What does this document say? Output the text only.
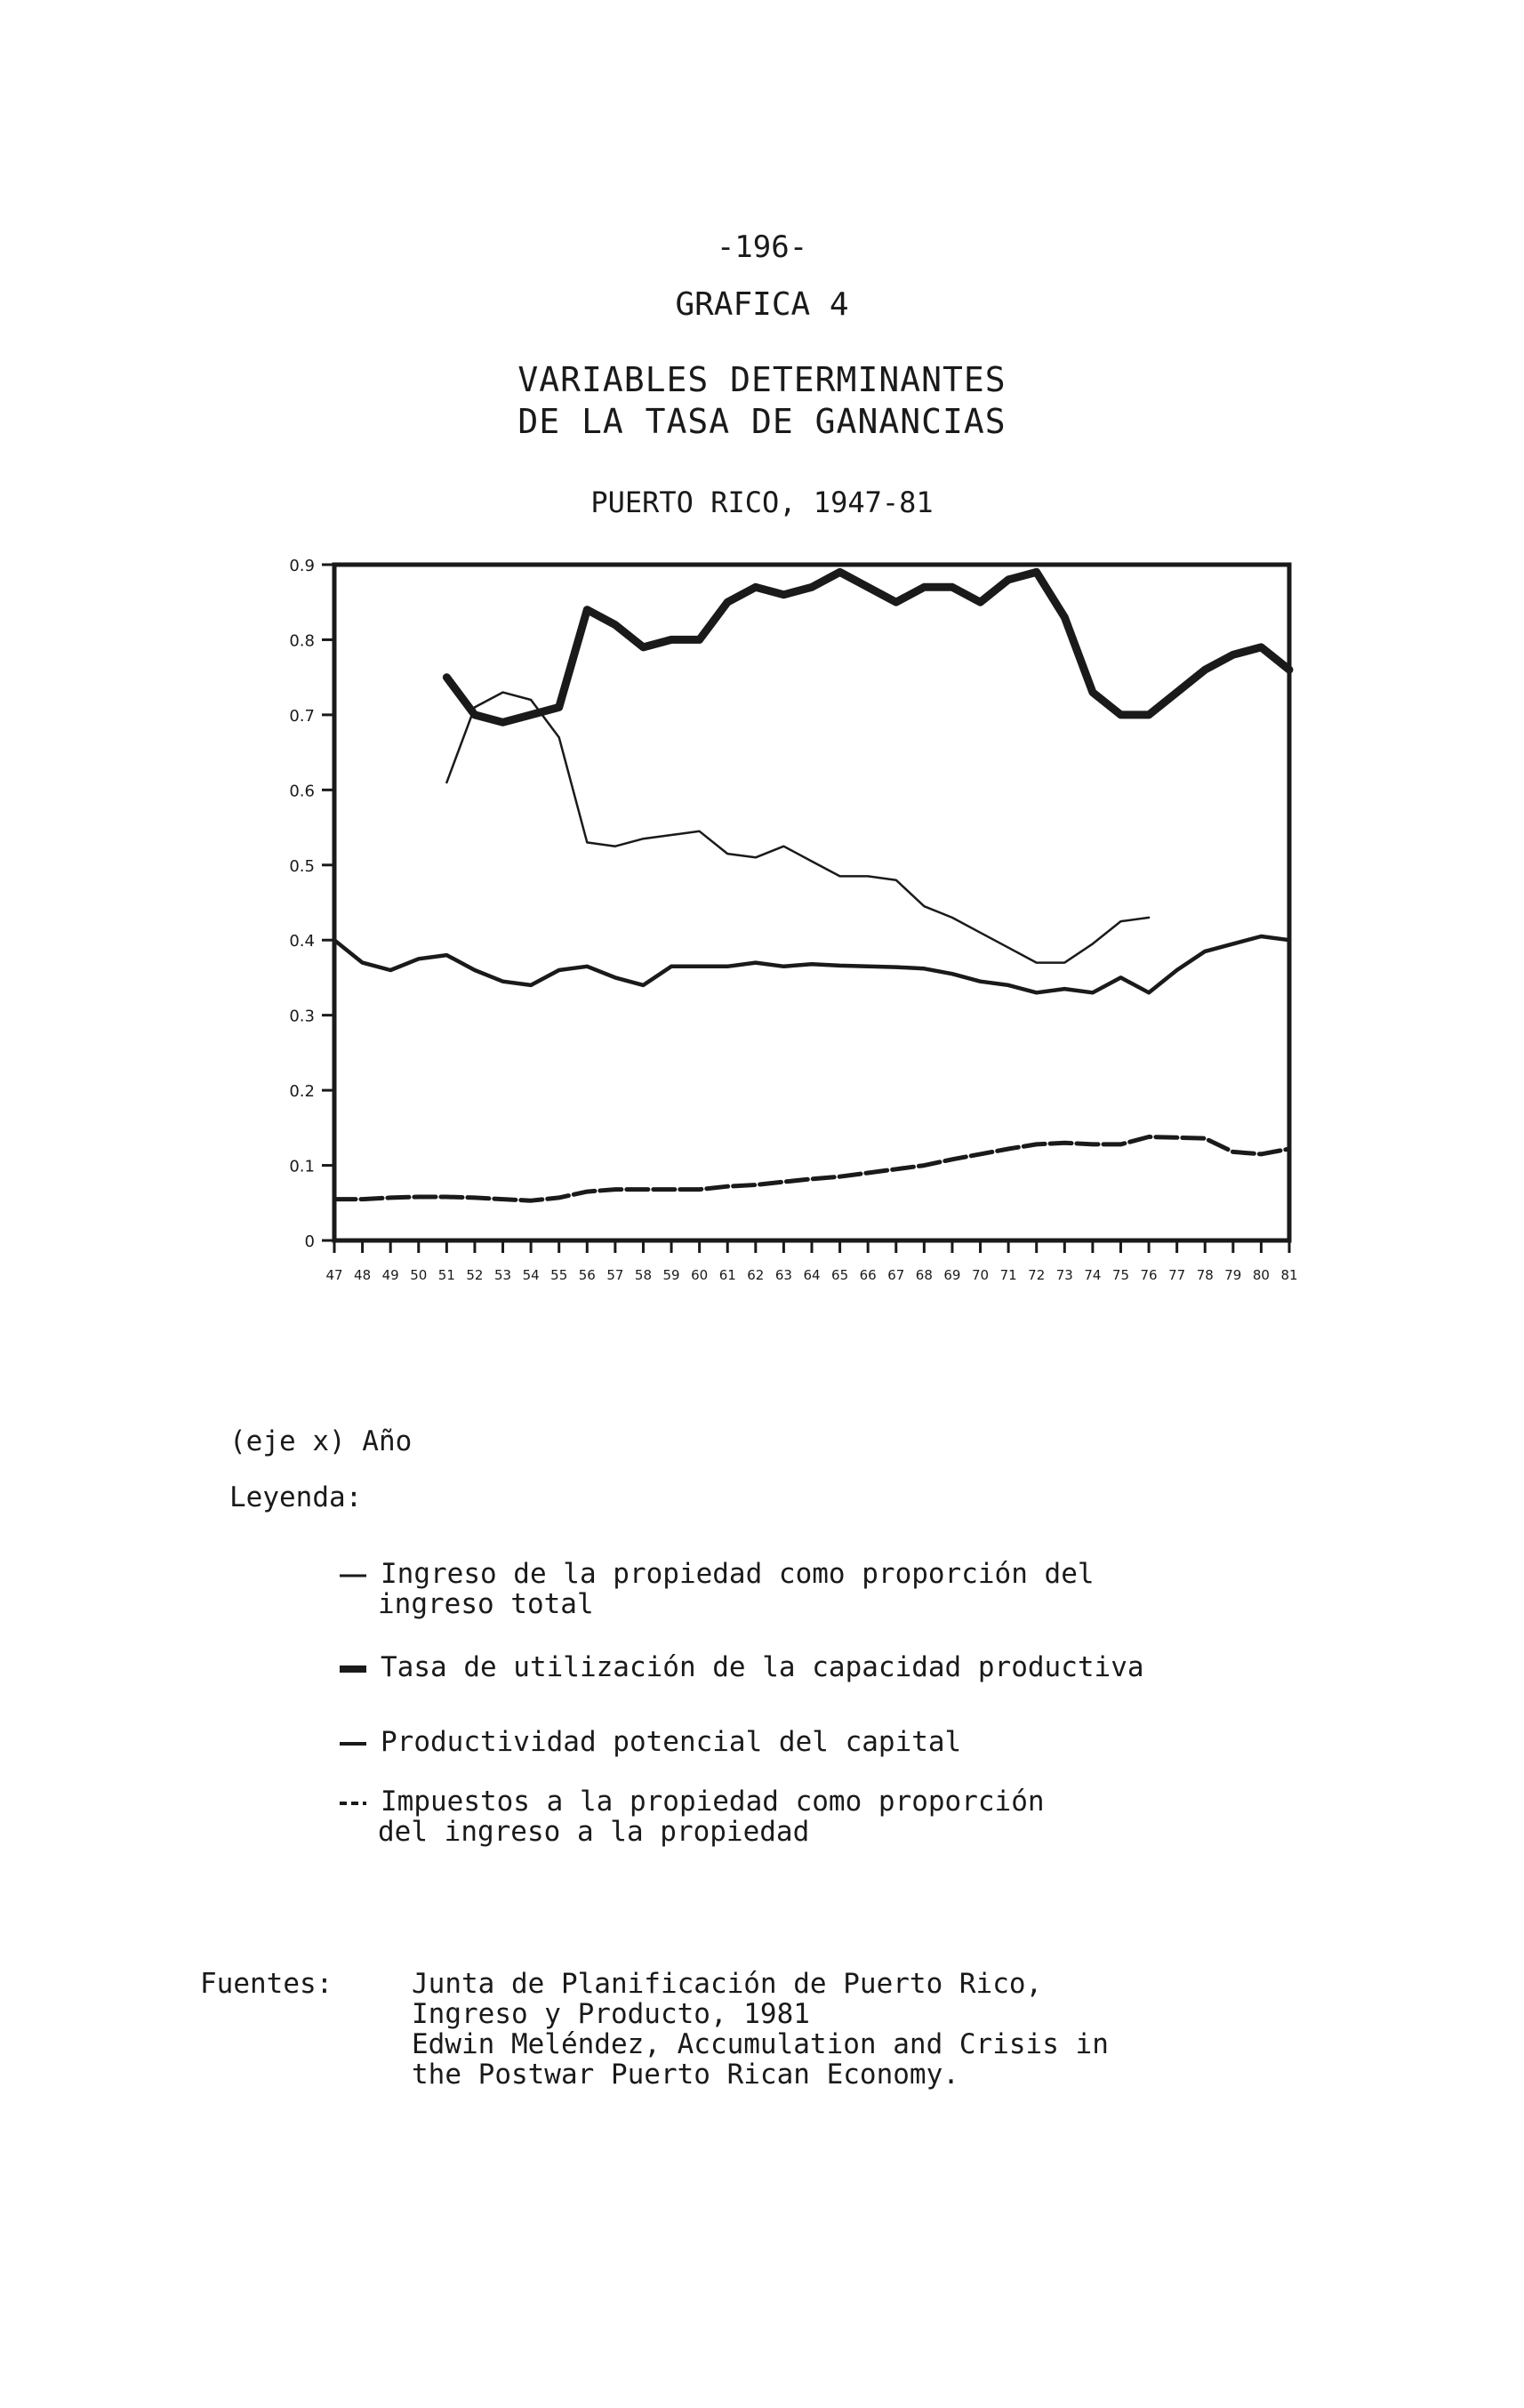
-196-
GRAFICA 4
VARIABLES DETERMINANTES
DE LA TASA DE GANANCIAS
PUERTO RICO, 1947-81
0
0.1
0.2
0.3
0.4
0.5
0.6
0.7
0.8
0.9
47 48 49 50 51 52 53 54 55 56 57 58 59 60 61 62 63 64 65 66 67 68 69 70 71 72 73 74 75 76 77 78 79 80 81
(eje x) Año
Leyenda:
Ingreso de la propiedad como proporción del
ingreso total
Tasa de utilización de la capacidad productiva
Productividad potencial del capital
Impuestos a la propiedad como proporción
del ingreso a la propiedad
Fuentes:	Junta de Planificación de Puerto Rico,
Ingreso y Producto, 1981
Edwin Meléndez, Accumulation and Crisis in
the Postwar Puerto Rican Economy.
